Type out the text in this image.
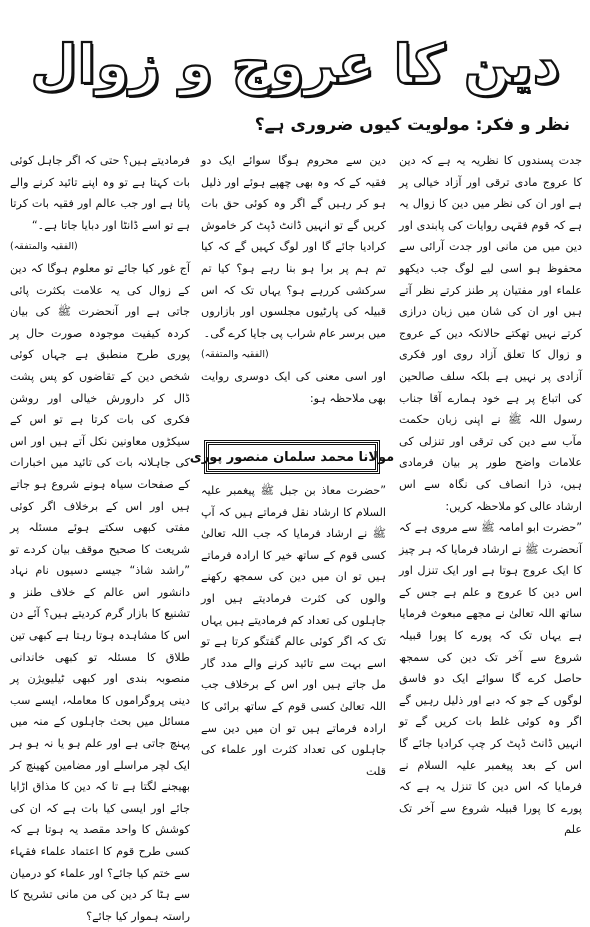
دین کا عروج و زوال
نظر و فکر: مولویت کیوں ضروری ہے؟

جدت پسندوں کا نظریہ یہ ہے کہ دین کا عروج مادی ترقی اور آزاد خیالی پر ہے اور ان کی نظر میں دین کا زوال یہ ہے کہ قوم فقہی روایات کی پابندی اور دین میں من مانی اور جدت آرائی سے محفوظ ہو اسی لیے لوگ جب دیکھو علماء اور مفتیان پر طنز کرتے نظر آتے ہیں اور ان کی شان میں زبان درازی کرتے نہیں تھکتے حالانکہ دین کے عروج و زوال کا تعلق آزاد روی اور فکری آزادی پر نہیں ہے بلکہ سلف صالحین کی اتباع پر ہے خود ہمارے آقا جناب رسول اللہ ﷺ نے اپنی زبان حکمت مآب سے دین کی ترقی اور تنزلی کی علامات واضح طور پر بیان فرمادی ہیں، ذرا انصاف کی نگاہ سے اس ارشاد عالی کو ملاحظہ کریں:

”حضرت ابو امامہ ﷺ سے مروی ہے کہ آنحضرت ﷺ نے ارشاد فرمایا کہ ہر چیز کا ایک عروج ہوتا ہے اور ایک تنزل اور اس دین کا عروج و علم ہے جس کے ساتھ اللہ تعالیٰ نے مجھے مبعوث فرمایا ہے یہاں تک کہ پورے کا پورا قبیلہ شروع سے آخر تک دین کی سمجھ حاصل کرے گا سوائے ایک دو فاسق لوگوں کے جو کہ دبے اور ذلیل رہیں گے اگر وہ کوئی غلط بات کریں گے تو انہیں ڈانٹ ڈپٹ کر چپ کرادیا جائے گا اس کے بعد پیغمبر علیہ السلام نے فرمایا کہ اس دین کا تنزل یہ ہے کہ پورے کا پورا قبیلہ شروع سے آخر تک علم

دین سے محروم ہوگا سوائے ایک دو فقیہ کے کہ وہ بھی چھپے ہوئے اور ذلیل ہو کر رہیں گے اگر وہ کوئی حق بات کریں گے تو انہیں ڈانٹ ڈپٹ کر خاموش کرادیا جائے گا اور لوگ کہیں گے کہ کیا تم ہم پر برا ہو بنا رہے ہو؟ کیا تم سرکشی کررہے ہو؟ یہاں تک کہ اس قبیلہ کی پارٹیوں مجلسوں اور بازاروں میں برسر عام شراب پی جایا کرے گی۔

(الفقیہ والمتفقہ)

اور اسی معنی کی ایک دوسری روایت بھی ملاحظہ ہو:

مولانا محمد سلمان منصور پوری

”حضرت معاذ بن جبل ﷺ پیغمبر علیہ السلام کا ارشاد نقل فرماتے ہیں کہ آپ ﷺ نے ارشاد فرمایا کہ جب اللہ تعالیٰ کسی قوم کے ساتھ خیر کا ارادہ فرماتے ہیں تو ان میں دین کی سمجھ رکھنے والوں کی کثرت فرمادیتے ہیں اور جاہلوں کی تعداد کم فرمادیتے ہیں یہاں تک کہ اگر کوئی عالم گفتگو کرتا ہے تو اسے بہت سے تائید کرنے والے مدد گار مل جاتے ہیں اور اس کے برخلاف جب اللہ تعالیٰ کسی قوم کے ساتھ برائی کا ارادہ فرماتے ہیں تو ان میں دین سے جاہلوں کی تعداد کثرت اور علماء کی قلت

فرمادیتے ہیں؟ حتی کہ اگر جاہل کوئی بات کہتا ہے تو وہ اپنے تائید کرنے والے پاتا ہے اور جب عالم اور فقیہ بات کرتا ہے تو اسے ڈانٹا اور دبایا جاتا ہے۔“

(الفقیہ والمتفقہ)

آج غور کیا جائے تو معلوم ہوگا کہ دین کے زوال کی یہ علامت بکثرت پائی جاتی ہے اور آنحضرت ﷺ کی بیان کردہ کیفیت موجودہ صورت حال پر پوری طرح منطبق ہے جہاں کوئی شخص دین کے تقاضوں کو پس پشت ڈال کر دارورش خیالی اور روشن فکری کی بات کرتا ہے تو اس کے سیکڑوں معاونین نکل آتے ہیں اور اس کی جاہلانہ بات کی تائید میں اخبارات کے صفحات سیاہ ہونے شروع ہو جاتے ہیں اور اس کے برخلاف اگر کوئی مفتی کبھی سکتے ہوئے مسئلہ پر شریعت کا صحیح موقف بیان کردے تو ”راشد شاذ“ جیسے دسیوں نام نہاد دانشور اس عالم کے خلاف طنز و تشنیع کا بازار گرم کردیتے ہیں؟ آئے دن اس کا مشاہدہ ہوتا رہتا ہے کبھی تین طلاق کا مسئلہ تو کبھی خاندانی منصوبہ بندی اور کبھی ٹیلیویژن پر دینی پروگراموں کا معاملہ، ایسے سب مسائل میں بحث جاہلوں کے منہ میں پہنچ جاتی ہے اور علم ہو یا نہ ہو ہر ایک لچر مراسلے اور مضامین کھینچ کر بھیجنے لگتا ہے تا کہ دین کا مذاق اڑایا جائے اور ایسی کیا بات ہے کہ ان کی کوشش کا واحد مقصد یہ ہوتا ہے کہ کسی طرح قوم کا اعتماد علماء فقہاء سے ختم کیا جائے؟ اور علماء کو درمیان سے ہٹا کر دین کی من مانی تشریح کا راستہ ہموار کیا جائے؟
